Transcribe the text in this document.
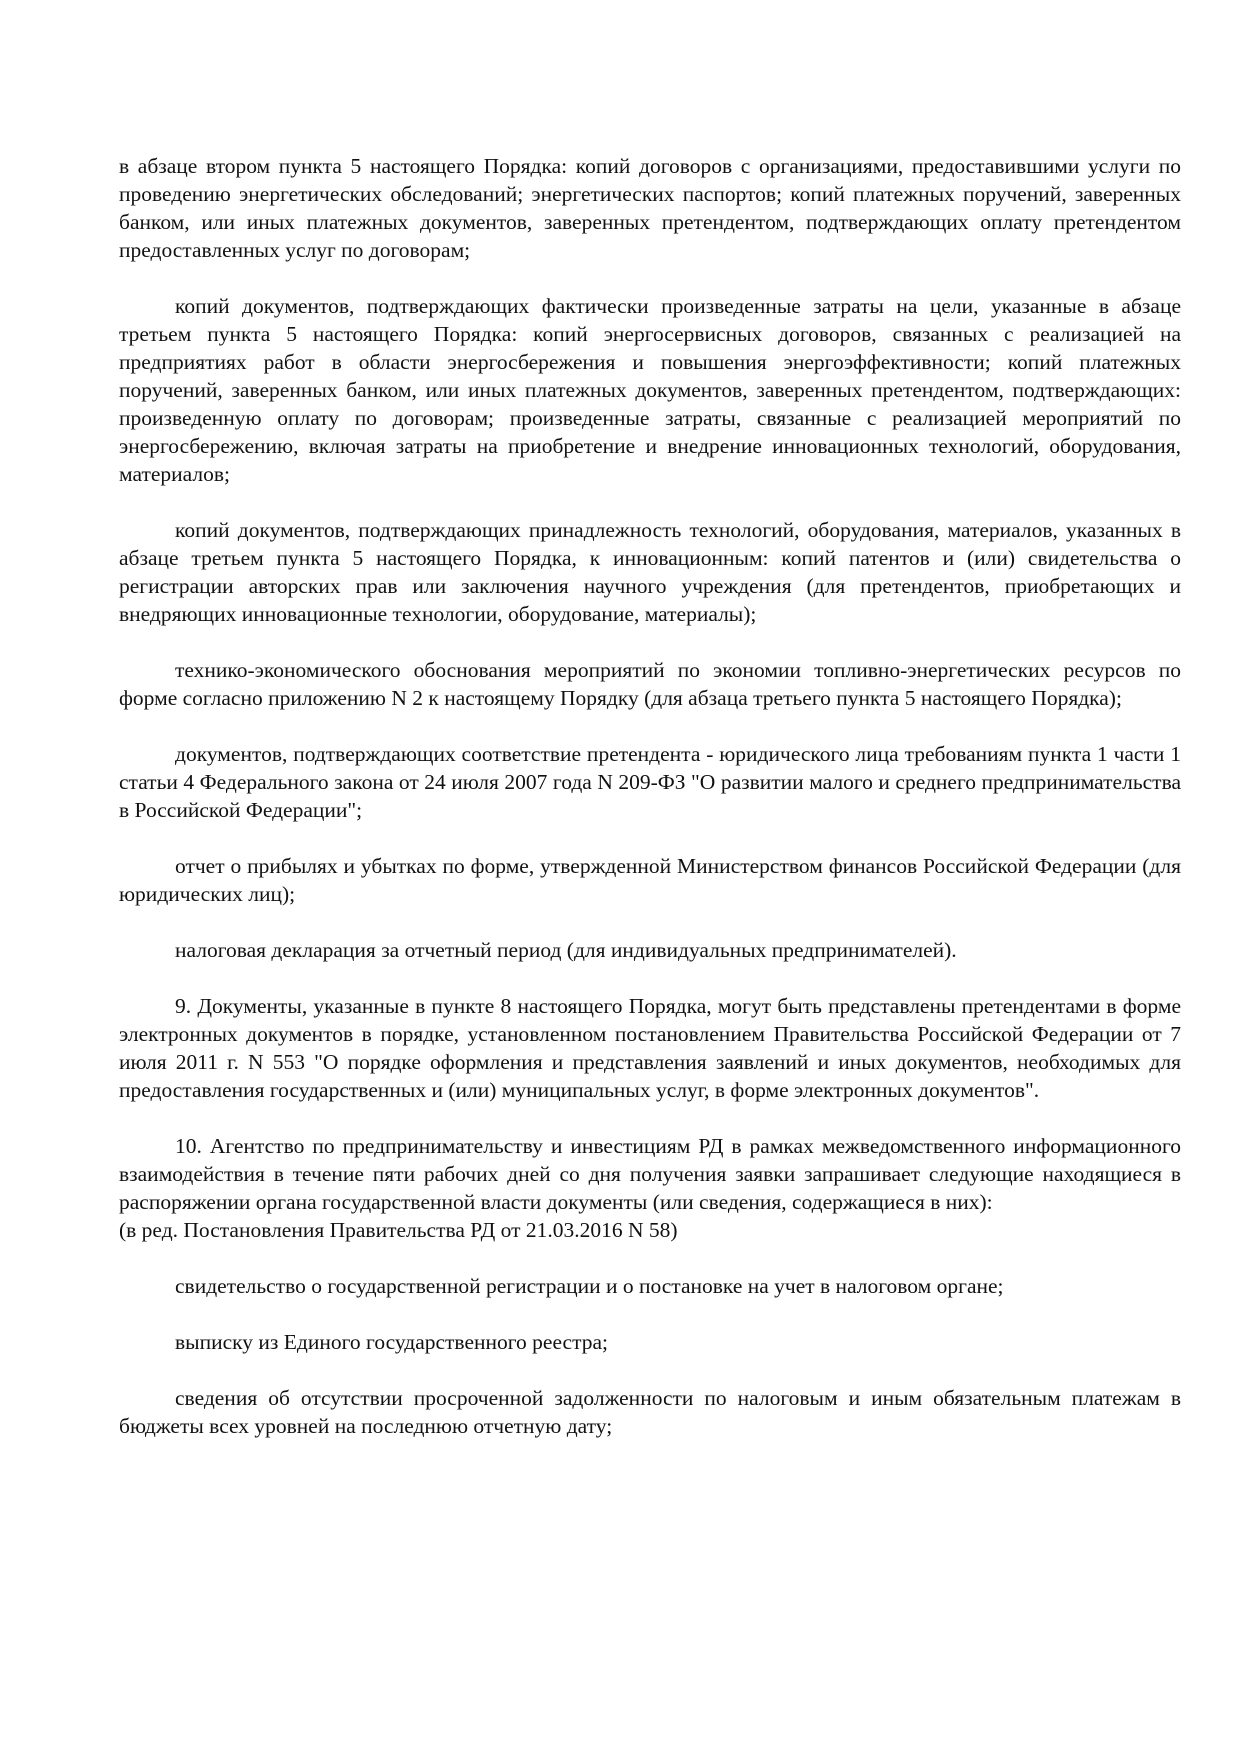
в абзаце втором пункта 5 настоящего Порядка: копий договоров с организациями, предоставившими услуги по проведению энергетических обследований; энергетических паспортов; копий платежных поручений, заверенных банком, или иных платежных документов, заверенных претендентом, подтверждающих оплату претендентом предоставленных услуг по договорам;

копий документов, подтверждающих фактически произведенные затраты на цели, указанные в абзаце третьем пункта 5 настоящего Порядка: копий энергосервисных договоров, связанных с реализацией на предприятиях работ в области энергосбережения и повышения энергоэффективности; копий платежных поручений, заверенных банком, или иных платежных документов, заверенных претендентом, подтверждающих: произведенную оплату по договорам; произведенные затраты, связанные с реализацией мероприятий по энергосбережению, включая затраты на приобретение и внедрение инновационных технологий, оборудования, материалов;

копий документов, подтверждающих принадлежность технологий, оборудования, материалов, указанных в абзаце третьем пункта 5 настоящего Порядка, к инновационным: копий патентов и (или) свидетельства о регистрации авторских прав или заключения научного учреждения (для претендентов, приобретающих и внедряющих инновационные технологии, оборудование, материалы);

технико-экономического обоснования мероприятий по экономии топливно-энергетических ресурсов по форме согласно приложению N 2 к настоящему Порядку (для абзаца третьего пункта 5 настоящего Порядка);

документов, подтверждающих соответствие претендента - юридического лица требованиям пункта 1 части 1 статьи 4 Федерального закона от 24 июля 2007 года N 209-ФЗ "О развитии малого и среднего предпринимательства в Российской Федерации";

отчет о прибылях и убытках по форме, утвержденной Министерством финансов Российской Федерации (для юридических лиц);

налоговая декларация за отчетный период (для индивидуальных предпринимателей).

9. Документы, указанные в пункте 8 настоящего Порядка, могут быть представлены претендентами в форме электронных документов в порядке, установленном постановлением Правительства Российской Федерации от 7 июля 2011 г. N 553 "О порядке оформления и представления заявлений и иных документов, необходимых для предоставления государственных и (или) муниципальных услуг, в форме электронных документов".

10. Агентство по предпринимательству и инвестициям РД в рамках межведомственного информационного взаимодействия в течение пяти рабочих дней со дня получения заявки запрашивает следующие находящиеся в распоряжении органа государственной власти документы (или сведения, содержащиеся в них):

(в ред. Постановления Правительства РД от 21.03.2016 N 58)

свидетельство о государственной регистрации и о постановке на учет в налоговом органе;

выписку из Единого государственного реестра;

сведения об отсутствии просроченной задолженности по налоговым и иным обязательным платежам в бюджеты всех уровней на последнюю отчетную дату;
